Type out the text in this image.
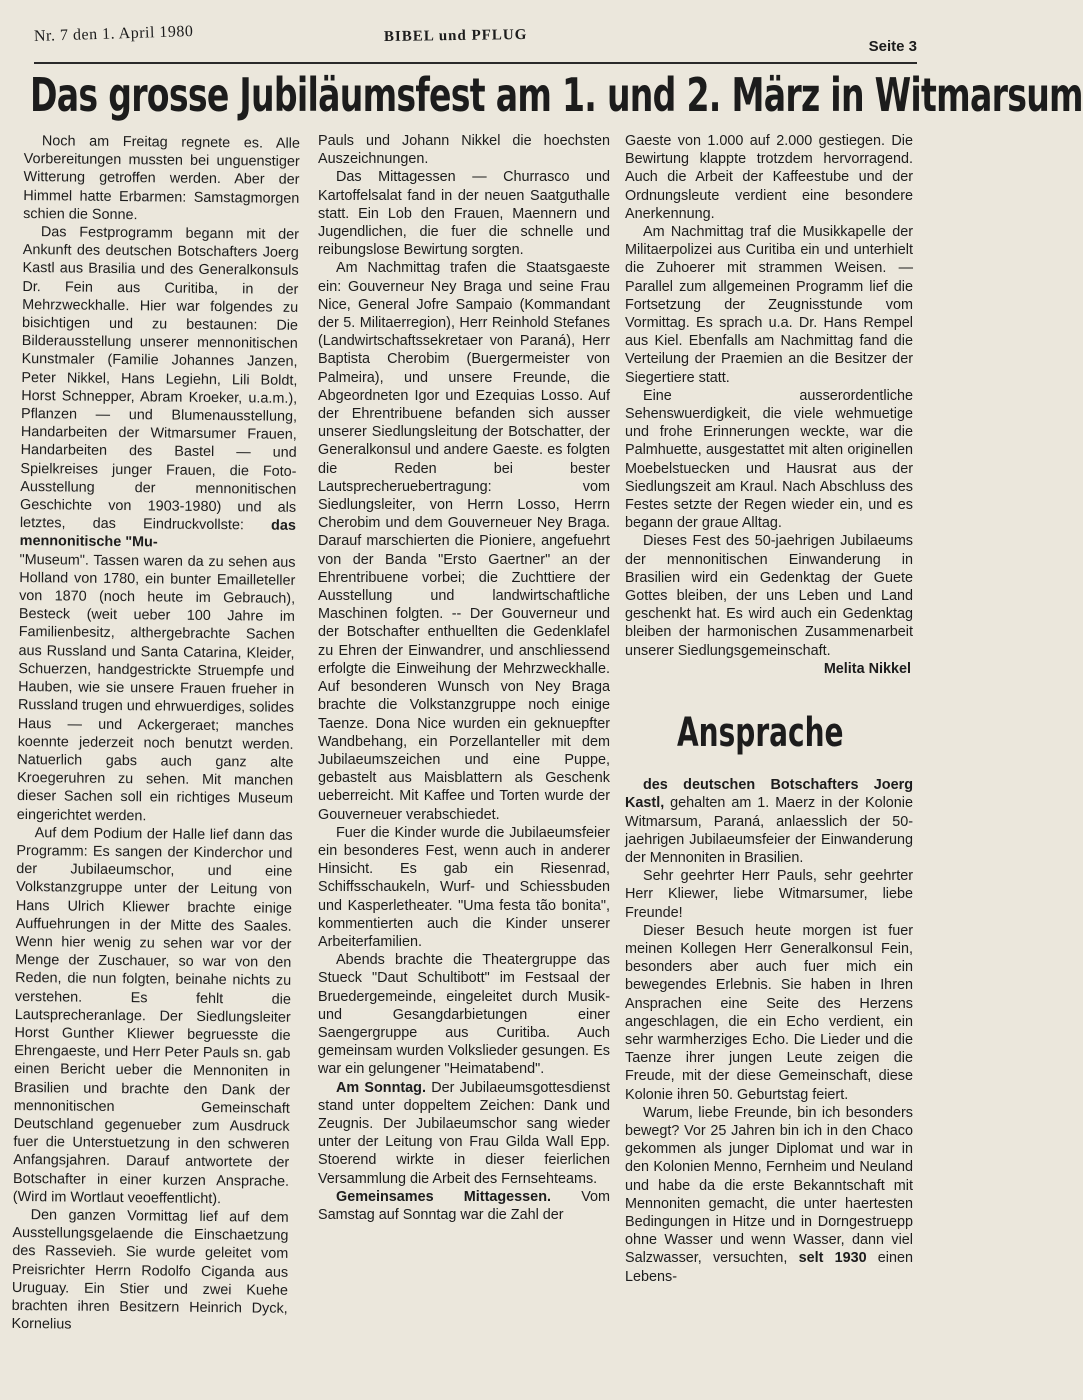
Nr. 7 den 1. April 1980	BIBEL und PFLUG
Seite 3
Das grosse Jubiläumsfest am 1. und 2. März in Witmarsum

Noch am Freitag regnete es. Alle Vorbereitungen mussten bei unguenstiger Witterung getroffen werden. Aber der Himmel hatte Erbarmen: Samstagmorgen schien die Sonne.

Das Festprogramm begann mit der Ankunft des deutschen Botschafters Joerg Kastl aus Brasilia und des Generalkonsuls Dr. Fein aus Curitiba, in der Mehrzweckhalle. Hier war folgendes zu bisichtigen und zu bestaunen: Die Bilderausstellung unserer mennonitischen Kunstmaler (Familie Johannes Janzen, Peter Nikkel, Hans Legiehn, Lili Boldt, Horst Schnepper, Abram Kroeker, u.a.m.), Pflanzen — und Blumenausstellung, Handarbeiten der Witmarsumer Frauen, Handarbeiten des Bastel — und Spielkreises junger Frauen, die Foto-Ausstellung der mennonitischen Geschichte von 1903-1980) und als letztes, das Eindruckvollste: das mennonitische "Mu-

"Museum". Tassen waren da zu sehen aus Holland von 1780, ein bunter Emailleteller von 1870 (noch heute im Gebrauch), Besteck (weit ueber 100 Jahre im Familienbesitz, althergebrachte Sachen aus Russland und Santa Catarina, Kleider, Schuerzen, handgestrickte Struempfe und Hauben, wie sie unsere Frauen frueher in Russland trugen und ehrwuerdiges, solides Haus — und Ackergeraet; manches koennte jederzeit noch benutzt werden. Natuerlich gabs auch ganz alte Kroegeruhren zu sehen. Mit manchen dieser Sachen soll ein richtiges Museum eingerichtet werden.

Auf dem Podium der Halle lief dann das Programm: Es sangen der Kinderchor und der Jubilaeumschor, und eine Volkstanzgruppe unter der Leitung von Hans Ulrich Kliewer brachte einige Auffuehrungen in der Mitte des Saales. Wenn hier wenig zu sehen war vor der Menge der Zuschauer, so war von den Reden, die nun folgten, beinahe nichts zu verstehen. Es fehlt die Lautsprecheranlage. Der Siedlungsleiter Horst Gunther Kliewer begruesste die Ehrengaeste, und Herr Peter Pauls sn. gab einen Bericht ueber die Mennoniten in Brasilien und brachte den Dank der mennonitischen Gemeinschaft Deutschland gegenueber zum Ausdruck fuer die Unterstuetzung in den schweren Anfangsjahren. Darauf antwortete der Botschafter in einer kurzen Ansprache. (Wird im Wortlaut veoeffentlicht).

Den ganzen Vormittag lief auf dem Ausstellungsgelaende die Einschaetzung des Rassevieh. Sie wurde geleitet vom Preisrichter Herrn Rodolfo Ciganda aus Uruguay. Ein Stier und zwei Kuehe brachten ihren Besitzern Heinrich Dyck, Kornelius

Pauls und Johann Nikkel die hoechsten Auszeichnungen.

Das Mittagessen — Churrasco und Kartoffelsalat fand in der neuen Saatguthalle statt. Ein Lob den Frauen, Maennern und Jugendlichen, die fuer die schnelle und reibungslose Bewirtung sorgten.

Am Nachmittag trafen die Staatsgaeste ein: Gouverneur Ney Braga und seine Frau Nice, General Jofre Sampaio (Kommandant der 5. Militaerregion), Herr Reinhold Stefanes (Landwirtschaftssekretaer von Paraná), Herr Baptista Cherobim (Buergermeister von Palmeira), und unsere Freunde, die Abgeordneten Igor und Ezequias Losso. Auf der Ehrentribuene befanden sich ausser unserer Siedlungsleitung der Botschatter, der Generalkonsul und andere Gaeste. es folgten die Reden bei bester Lautsprecheruebertragung: vom Siedlungsleiter, von Herrn Losso, Herrn Cherobim und dem Gouverneuer Ney Braga. Darauf marschierten die Pioniere, angefuehrt von der Banda "Ersto Gaertner" an der Ehrentribuene vorbei; die Zuchttiere der Ausstellung und landwirtschaftliche Maschinen folgten. -- Der Gouverneur und der Botschafter enthuellten die Gedenklafel zu Ehren der Einwandrer, und anschliessend erfolgte die Einweihung der Mehrzweckhalle. Auf besonderen Wunsch von Ney Braga brachte die Volkstanzgruppe noch einige Taenze. Dona Nice wurden ein geknuepfter Wandbehang, ein Porzellanteller mit dem Jubilaeumszeichen und eine Puppe, gebastelt aus Maisblattern als Geschenk ueberreicht. Mit Kaffee und Torten wurde der Gouverneuer verabschiedet.

Fuer die Kinder wurde die Jubilaeumsfeier ein besonderes Fest, wenn auch in anderer Hinsicht. Es gab ein Riesenrad, Schiffsschaukeln, Wurf- und Schiessbuden und Kasperletheater. "Uma festa tão bonita", kommentierten auch die Kinder unserer Arbeiterfamilien.

Abends brachte die Theatergruppe das Stueck "Daut Schultibott" im Festsaal der Bruedergemeinde, eingeleitet durch Musik- und Gesangdarbietungen einer Saengergruppe aus Curitiba. Auch gemeinsam wurden Volkslieder gesungen. Es war ein gelungener "Heimatabend".

Am Sonntag. Der Jubilaeumsgottesdienst stand unter doppeltem Zeichen: Dank und Zeugnis. Der Jubilaeumschor sang wieder unter der Leitung von Frau Gilda Wall Epp. Stoerend wirkte in dieser feierlichen Versammlung die Arbeit des Fernsehteams.

Gemeinsames Mittagessen. Vom Samstag auf Sonntag war die Zahl der

Gaeste von 1.000 auf 2.000 gestiegen. Die Bewirtung klappte trotzdem hervorragend. Auch die Arbeit der Kaffeestube und der Ordnungsleute verdient eine besondere Anerkennung.

Am Nachmittag traf die Musikkapelle der Militaerpolizei aus Curitiba ein und unterhielt die Zuhoerer mit strammen Weisen. — Parallel zum allgemeinen Programm lief die Fortsetzung der Zeugnisstunde vom Vormittag. Es sprach u.a. Dr. Hans Rempel aus Kiel. Ebenfalls am Nachmittag fand die Verteilung der Praemien an die Besitzer der Siegertiere statt.

Eine ausserordentliche Sehenswuerdigkeit, die viele wehmuetige und frohe Erinnerungen weckte, war die Palmhuette, ausgestattet mit alten originellen Moebelstuecken und Hausrat aus der Siedlungszeit am Kraul. Nach Abschluss des Festes setzte der Regen wieder ein, und es begann der graue Alltag.

Dieses Fest des 50-jaehrigen Jubilaeums der mennonitischen Einwanderung in Brasilien wird ein Gedenktag der Guete Gottes bleiben, der uns Leben und Land geschenkt hat. Es wird auch ein Gedenktag bleiben der harmonischen Zusammenarbeit unserer Siedlungsgemeinschaft.

Melita Nikkel

Ansprache

des deutschen Botschafters Joerg Kastl, gehalten am 1. Maerz in der Kolonie Witmarsum, Paraná, anlaesslich der 50-jaehrigen Jubilaeumsfeier der Einwanderung der Mennoniten in Brasilien.

Sehr geehrter Herr Pauls, sehr geehrter Herr Kliewer, liebe Witmarsumer, liebe Freunde!

Dieser Besuch heute morgen ist fuer meinen Kollegen Herr Generalkonsul Fein, besonders aber auch fuer mich ein bewegendes Erlebnis. Sie haben in Ihren Ansprachen eine Seite des Herzens angeschlagen, die ein Echo verdient, ein sehr warmherziges Echo. Die Lieder und die Taenze ihrer jungen Leute zeigen die Freude, mit der diese Gemeinschaft, diese Kolonie ihren 50. Geburtstag feiert.

Warum, liebe Freunde, bin ich besonders bewegt? Vor 25 Jahren bin ich in den Chaco gekommen als junger Diplomat und war in den Kolonien Menno, Fernheim und Neuland und habe da die erste Bekanntschaft mit Mennoniten gemacht, die unter haertesten Bedingungen in Hitze und in Dorngestruepp ohne Wasser und wenn Wasser, dann viel Salzwasser, versuchten, selt 1930 einen Lebens-
